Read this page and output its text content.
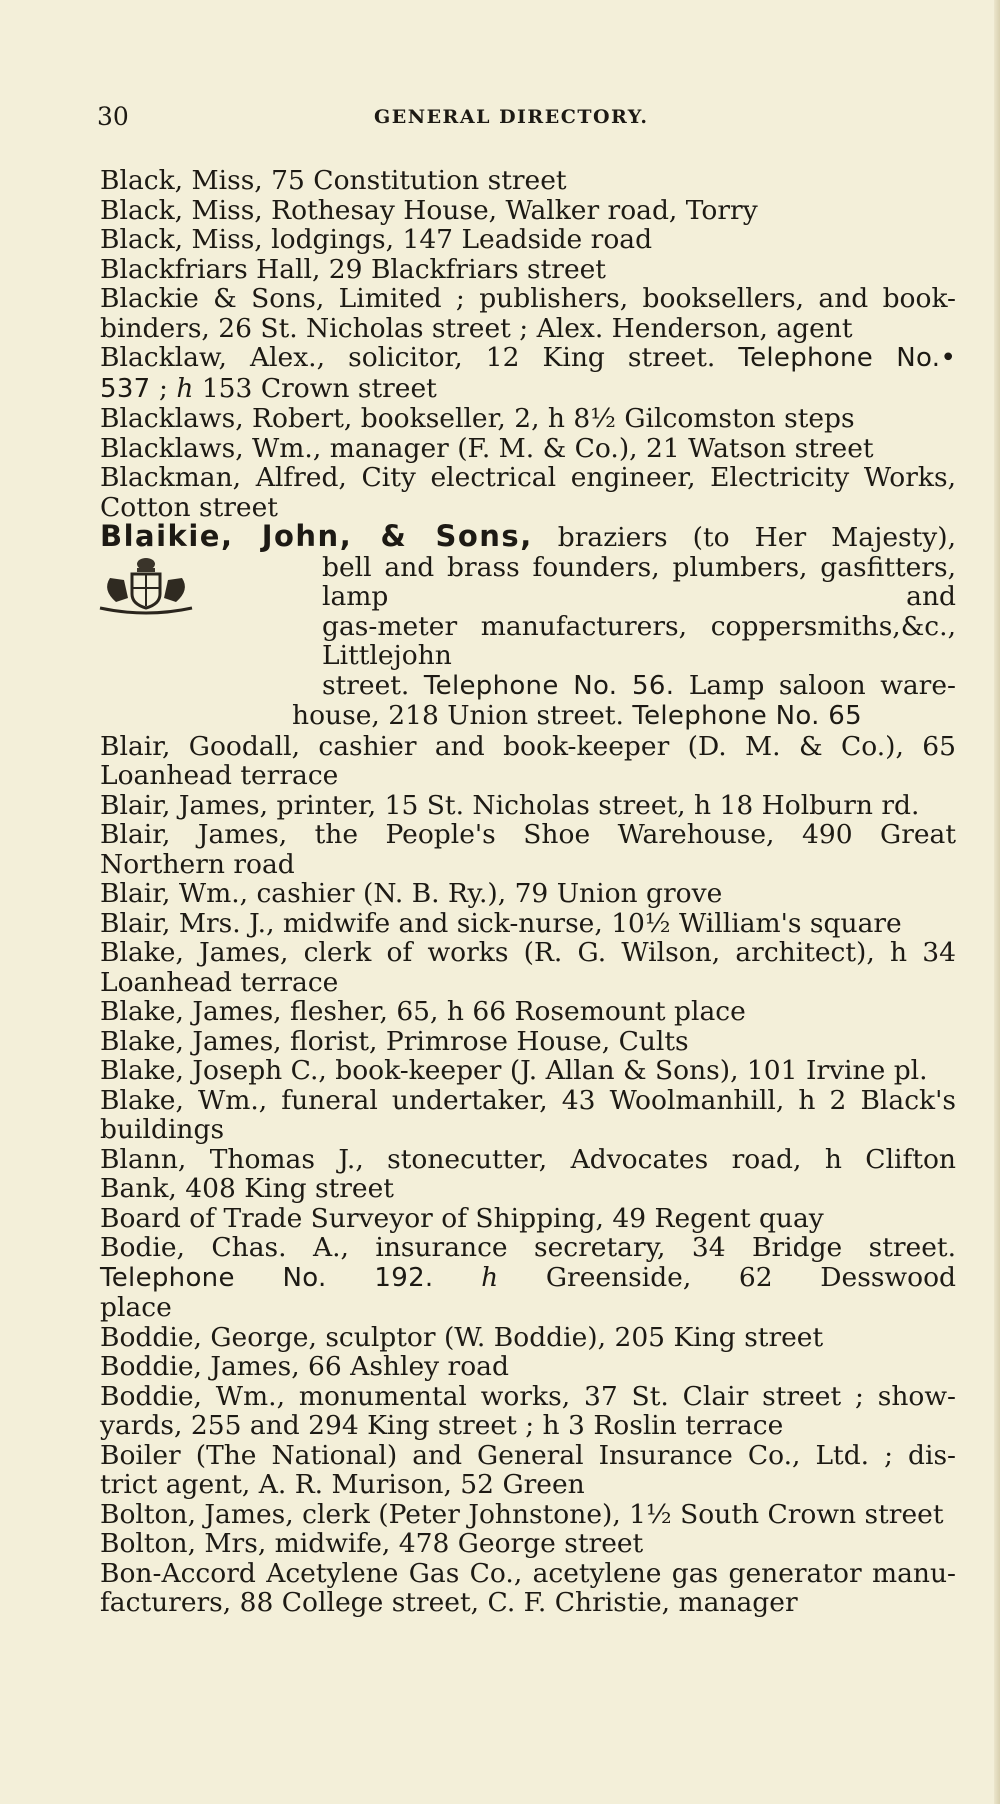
30	GENERAL DIRECTORY.
Black, Miss, 75 Constitution street
Black, Miss, Rothesay House, Walker road, Torry
Black, Miss, lodgings, 147 Leadside road
Blackfriars Hall, 29 Blackfriars street
Blackie & Sons, Limited ; publishers, booksellers, and book-
binders, 26 St. Nicholas street ; Alex. Henderson, agent
Blacklaw, Alex., solicitor, 12 King street. Telephone No.•
537 ; h 153 Crown street
Blacklaws, Robert, bookseller, 2, h 8½ Gilcomston steps
Blacklaws, Wm., manager (F. M. & Co.), 21 Watson street
Blackman, Alfred, City electrical engineer, Electricity Works,
Cotton street
Blaikie, John, & Sons, braziers (to Her Majesty),
bell and brass founders, plumbers, gasfitters, lamp and
gas-meter manufacturers, coppersmiths,&c., Littlejohn
street. Telephone No. 56. Lamp saloon ware-
house, 218 Union street. Telephone No. 65
Blair, Goodall, cashier and book-keeper (D. M. & Co.), 65
Loanhead terrace
Blair, James, printer, 15 St. Nicholas street, h 18 Holburn rd.
Blair, James, the People's Shoe Warehouse, 490 Great
Northern road
Blair, Wm., cashier (N. B. Ry.), 79 Union grove
Blair, Mrs. J., midwife and sick-nurse, 10½ William's square
Blake, James, clerk of works (R. G. Wilson, architect), h 34
Loanhead terrace
Blake, James, flesher, 65, h 66 Rosemount place
Blake, James, florist, Primrose House, Cults
Blake, Joseph C., book-keeper (J. Allan & Sons), 101 Irvine pl.
Blake, Wm., funeral undertaker, 43 Woolmanhill, h 2 Black's
buildings
Blann, Thomas J., stonecutter, Advocates road, h Clifton
Bank, 408 King street
Board of Trade Surveyor of Shipping, 49 Regent quay
Bodie, Chas. A., insurance secretary, 34 Bridge street.
Telephone No. 192. h Greenside, 62 Desswood
place
Boddie, George, sculptor (W. Boddie), 205 King street
Boddie, James, 66 Ashley road
Boddie, Wm., monumental works, 37 St. Clair street ; show-
yards, 255 and 294 King street ; h 3 Roslin terrace
Boiler (The National) and General Insurance Co., Ltd. ; dis-
trict agent, A. R. Murison, 52 Green
Bolton, James, clerk (Peter Johnstone), 1½ South Crown street
Bolton, Mrs, midwife, 478 George street
Bon-Accord Acetylene Gas Co., acetylene gas generator manu-
facturers, 88 College street, C. F. Christie, manager
